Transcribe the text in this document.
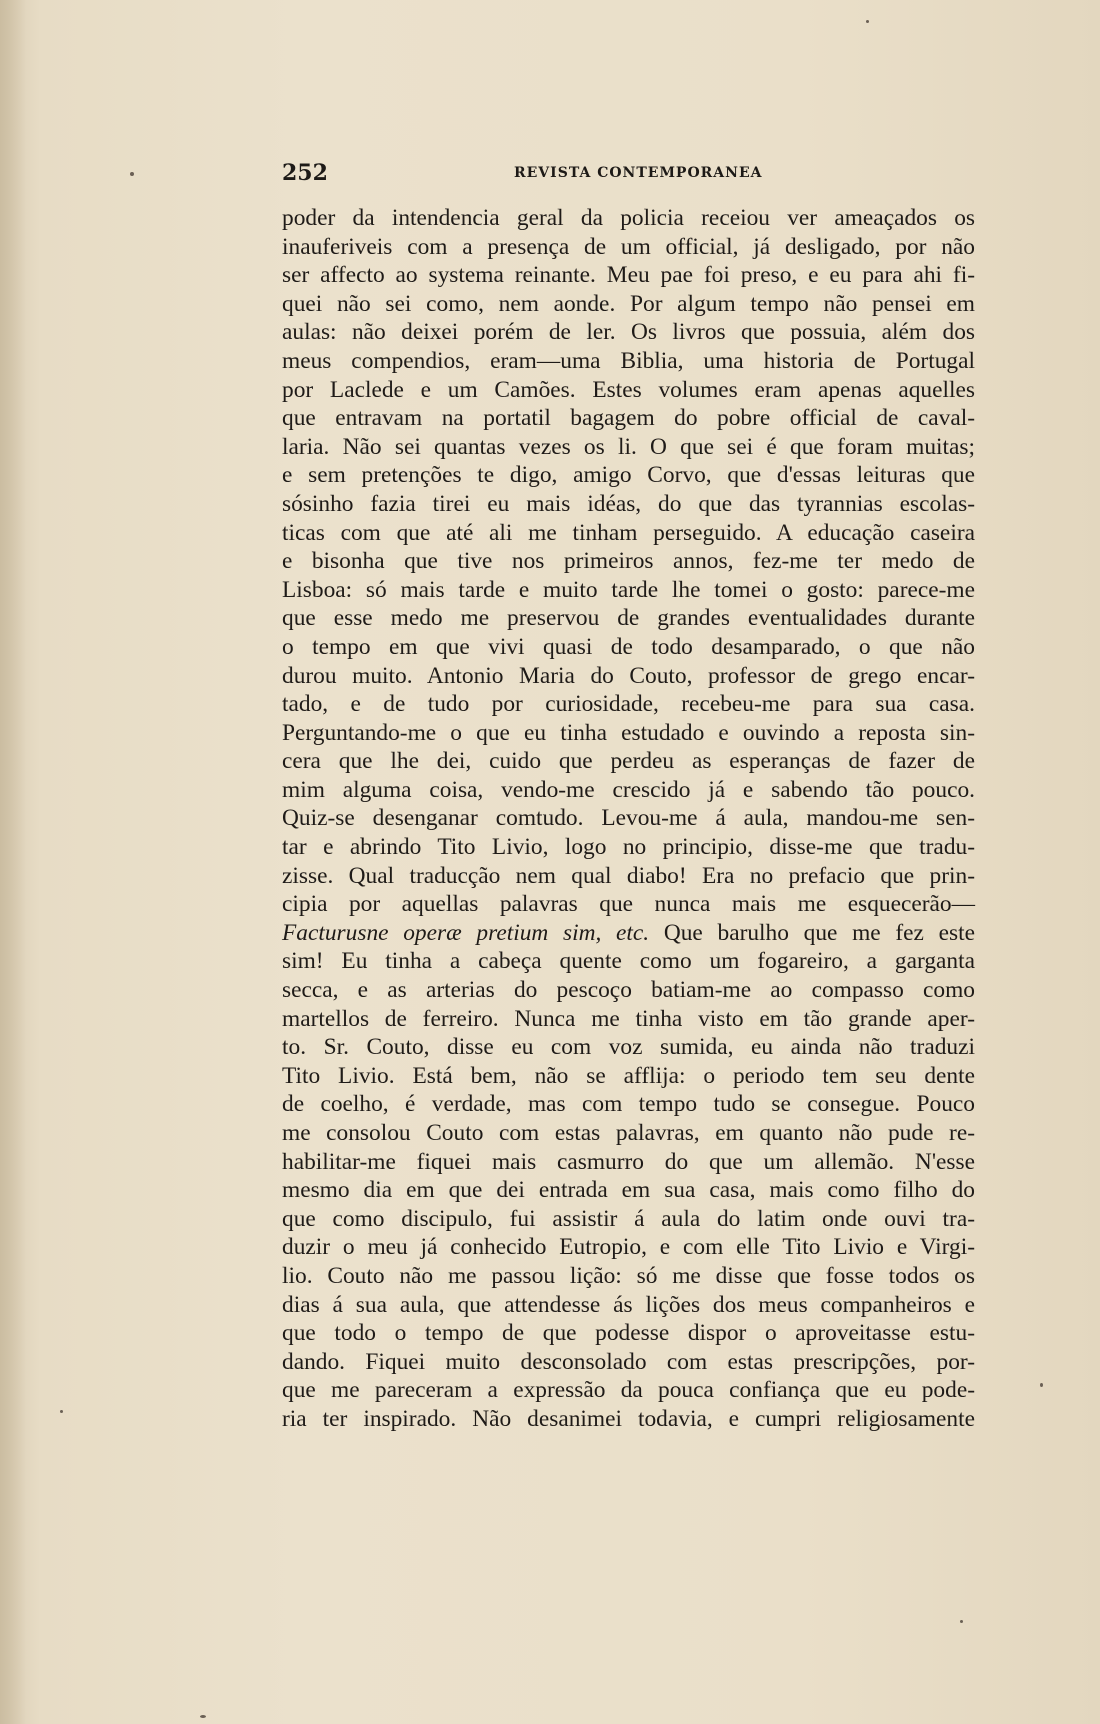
252	REVISTA CONTEMPORANEA
poder da intendencia geral da policia receiou ver ameaçados os
inauferiveis com a presença de um official, já desligado, por não
ser affecto ao systema reinante. Meu pae foi preso, e eu para ahi fi-
quei não sei como, nem aonde. Por algum tempo não pensei em
aulas: não deixei porém de ler. Os livros que possuia, além dos
meus compendios, eram—uma Biblia, uma historia de Portugal
por Laclede e um Camões. Estes volumes eram apenas aquelles
que entravam na portatil bagagem do pobre official de caval-
laria. Não sei quantas vezes os li. O que sei é que foram muitas;
e sem pretenções te digo, amigo Corvo, que d'essas leituras que
sósinho fazia tirei eu mais idéas, do que das tyrannias escolas-
ticas com que até ali me tinham perseguido. A educação caseira
e bisonha que tive nos primeiros annos, fez-me ter medo de
Lisboa: só mais tarde e muito tarde lhe tomei o gosto: parece-me
que esse medo me preservou de grandes eventualidades durante
o tempo em que vivi quasi de todo desamparado, o que não
durou muito. Antonio Maria do Couto, professor de grego encar-
tado, e de tudo por curiosidade, recebeu-me para sua casa.
Perguntando-me o que eu tinha estudado e ouvindo a reposta sin-
cera que lhe dei, cuido que perdeu as esperanças de fazer de
mim alguma coisa, vendo-me crescido já e sabendo tão pouco.
Quiz-se desenganar comtudo. Levou-me á aula, mandou-me sen-
tar e abrindo Tito Livio, logo no principio, disse-me que tradu-
zisse. Qual traducção nem qual diabo! Era no prefacio que prin-
cipia por aquellas palavras que nunca mais me esquecerão—
Facturusne operæ pretium sim, etc. Que barulho que me fez este
sim! Eu tinha a cabeça quente como um fogareiro, a garganta
secca, e as arterias do pescoço batiam-me ao compasso como
martellos de ferreiro. Nunca me tinha visto em tão grande aper-
to. Sr. Couto, disse eu com voz sumida, eu ainda não traduzi
Tito Livio. Está bem, não se afflija: o periodo tem seu dente
de coelho, é verdade, mas com tempo tudo se consegue. Pouco
me consolou Couto com estas palavras, em quanto não pude re-
habilitar-me fiquei mais casmurro do que um allemão. N'esse
mesmo dia em que dei entrada em sua casa, mais como filho do
que como discipulo, fui assistir á aula do latim onde ouvi tra-
duzir o meu já conhecido Eutropio, e com elle Tito Livio e Virgi-
lio. Couto não me passou lição: só me disse que fosse todos os
dias á sua aula, que attendesse ás lições dos meus companheiros e
que todo o tempo de que podesse dispor o aproveitasse estu-
dando. Fiquei muito desconsolado com estas prescripções, por-
que me pareceram a expressão da pouca confiança que eu pode-
ria ter inspirado. Não desanimei todavia, e cumpri religiosamente
